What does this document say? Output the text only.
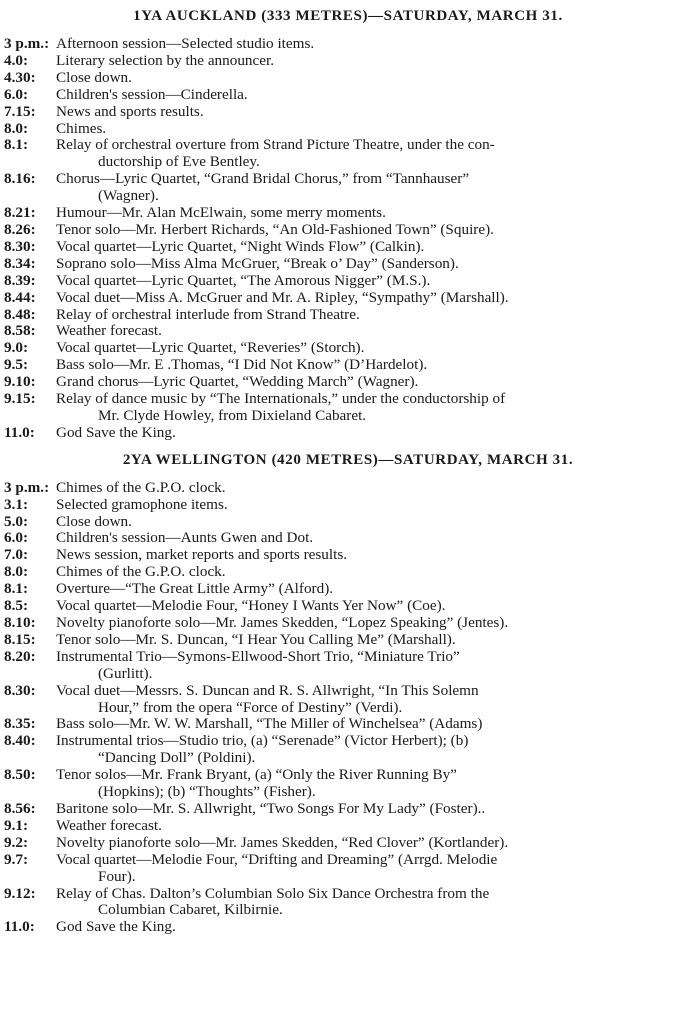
1YA AUCKLAND (333 METRES)—SATURDAY, MARCH 31.
3 p.m.: Afternoon session—Selected studio items.
4.0:	Literary selection by the announcer.
4.30:	Close down.
6.0:	Children's session—Cinderella.
7.15:	News and sports results.
8.0:	Chimes.
8.1:	Relay of orchestral overture from Strand Picture Theatre, under the con-
ductorship of Eve Bentley.
8.16:	Chorus—Lyric Quartet, “Grand Bridal Chorus,” from “Tannhauser”
(Wagner).
8.21:	Humour—Mr. Alan McElwain, some merry moments.
8.26:	Tenor solo—Mr. Herbert Richards, “An Old-Fashioned Town” (Squire).
8.30:	Vocal quartet—Lyric Quartet, “Night Winds Flow” (Calkin).
8.34:	Soprano solo—Miss Alma McGruer, “Break o’ Day” (Sanderson).
8.39:	Vocal quartet—Lyric Quartet, “The Amorous Nigger” (M.S.).
8.44:	Vocal duet—Miss A. McGruer and Mr. A. Ripley, “Sympathy” (Marshall).
8.48:	Relay of orchestral interlude from Strand Theatre.
8.58:	Weather forecast.
9.0:	Vocal quartet—Lyric Quartet, “Reveries” (Storch).
9.5:	Bass solo—Mr. E .Thomas, “I Did Not Know” (D’Hardelot).
9.10:	Grand chorus—Lyric Quartet, “Wedding March” (Wagner).
9.15:	Relay of dance music by “The Internationals,” under the conductorship of
Mr. Clyde Howley, from Dixieland Cabaret.
11.0:	God Save the King.
2YA WELLINGTON (420 METRES)—SATURDAY, MARCH 31.
3 p.m.: Chimes of the G.P.O. clock.
3.1:	Selected gramophone items.
5.0:	Close down.
6.0:	Children's session—Aunts Gwen and Dot.
7.0:	News session, market reports and sports results.
8.0:	Chimes of the G.P.O. clock.
8.1:	Overture—“The Great Little Army” (Alford).
8.5:	Vocal quartet—Melodie Four, “Honey I Wants Yer Now” (Coe).
8.10:	Novelty pianoforte solo—Mr. James Skedden, “Lopez Speaking” (Jentes).
8.15:	Tenor solo—Mr. S. Duncan, “I Hear You Calling Me” (Marshall).
8.20:	Instrumental Trio—Symons-Ellwood-Short Trio, “Miniature Trio”
(Gurlitt).
8.30:	Vocal duet—Messrs. S. Duncan and R. S. Allwright, “In This Solemn
Hour,” from the opera “Force of Destiny” (Verdi).
8.35:	Bass solo—Mr. W. W. Marshall, “The Miller of Winchelsea” (Adams)
8.40:	Instrumental trios—Studio trio, (a) “Serenade” (Victor Herbert); (b)
“Dancing Doll” (Poldini).
8.50:	Tenor solos—Mr. Frank Bryant, (a) “Only the River Running By”
(Hopkins); (b) “Thoughts” (Fisher).
8.56:	Baritone solo—Mr. S. Allwright, “Two Songs For My Lady” (Foster)..
9.1:	Weather forecast.
9.2:	Novelty pianoforte solo—Mr. James Skedden, “Red Clover” (Kortlander).
9.7:	Vocal quartet—Melodie Four, “Drifting and Dreaming” (Arrgd. Melodie
Four).
9.12:	Relay of Chas. Dalton’s Columbian Solo Six Dance Orchestra from the
Columbian Cabaret, Kilbirnie.
11.0:	God Save the King.
